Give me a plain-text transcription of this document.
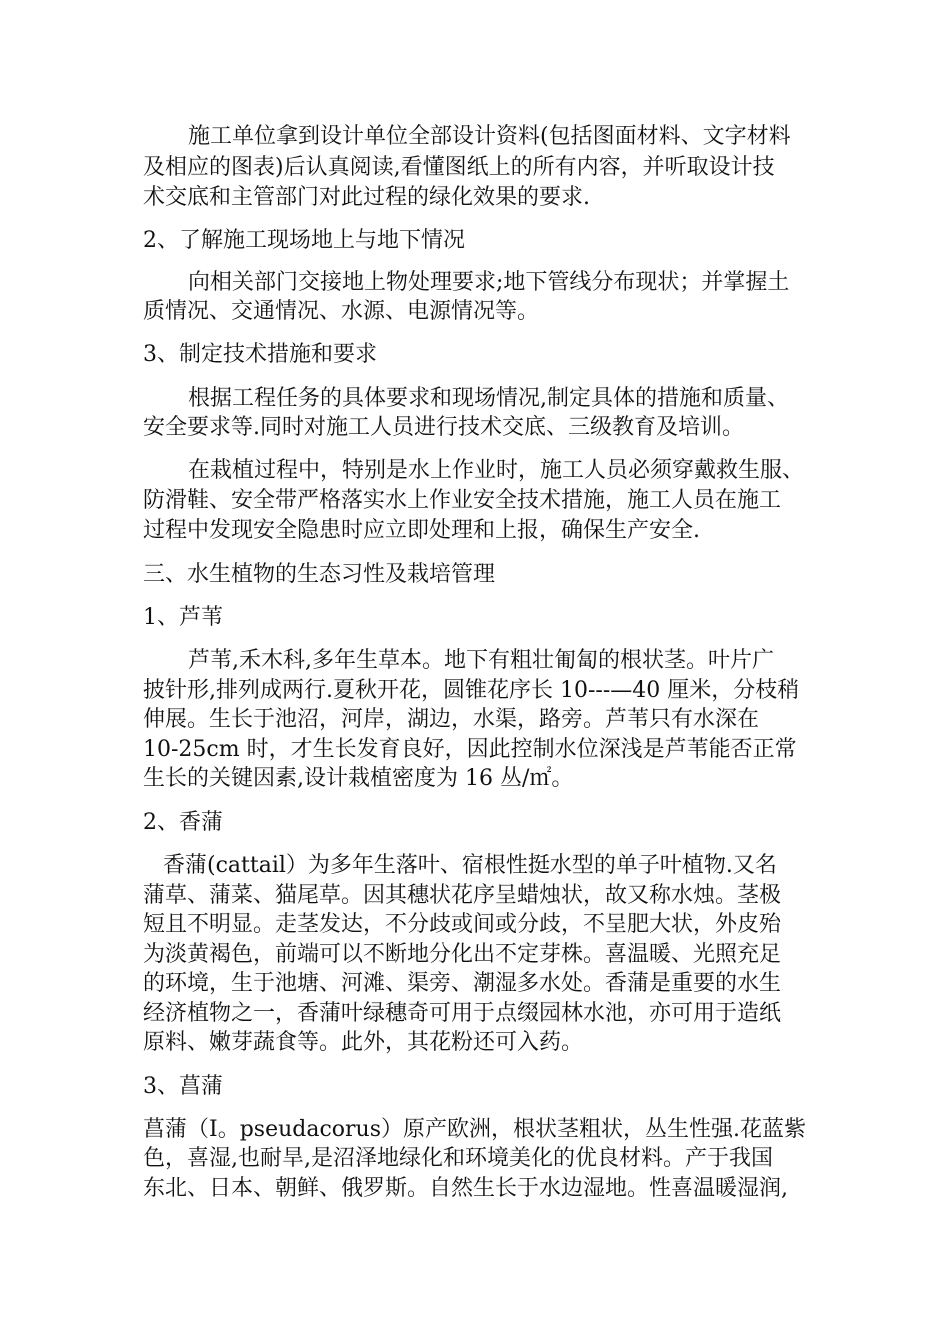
施工单位拿到设计单位全部设计资料(包括图面材料、文字材料
及相应的图表)后认真阅读,看懂图纸上的所有内容，并听取设计技
术交底和主管部门对此过程的绿化效果的要求.
2、了解施工现场地上与地下情况
向相关部门交接地上物处理要求;地下管线分布现状；并掌握土
质情况、交通情况、水源、电源情况等。
3、制定技术措施和要求
根据工程任务的具体要求和现场情况,制定具体的措施和质量、
安全要求等.同时对施工人员进行技术交底、三级教育及培训。
在栽植过程中，特别是水上作业时，施工人员必须穿戴救生服、
防滑鞋、安全带严格落实水上作业安全技术措施，施工人员在施工
过程中发现安全隐患时应立即处理和上报，确保生产安全.
三、水生植物的生态习性及栽培管理
1、芦苇
芦苇,禾木科,多年生草本。地下有粗壮匍匐的根状茎。叶片广
披针形,排列成两行.夏秋开花，圆锥花序长 10---—40 厘米，分枝稍
伸展。生长于池沼，河岸，湖边，水渠，路旁。芦苇只有水深在
10-25cm 时，才生长发育良好，因此控制水位深浅是芦苇能否正常
生长的关键因素,设计栽植密度为 16 丛/㎡。
2、香蒲
香蒲(cattail）为多年生落叶、宿根性挺水型的单子叶植物.又名
蒲草、蒲菜、猫尾草。因其穗状花序呈蜡烛状，故又称水烛。茎极
短且不明显。走茎发达，不分歧或间或分歧，不呈肥大状，外皮殆
为淡黄褐色，前端可以不断地分化出不定芽株。喜温暖、光照充足
的环境，生于池塘、河滩、渠旁、潮湿多水处。香蒲是重要的水生
经济植物之一，香蒲叶绿穗奇可用于点缀园林水池，亦可用于造纸
原料、嫩芽蔬食等。此外，其花粉还可入药。
3、菖蒲
菖蒲（I。pseudacorus）原产欧洲，根状茎粗状，丛生性强.花蓝紫
色，喜湿,也耐旱,是沼泽地绿化和环境美化的优良材料。产于我国
东北、日本、朝鲜、俄罗斯。自然生长于水边湿地。性喜温暖湿润,
